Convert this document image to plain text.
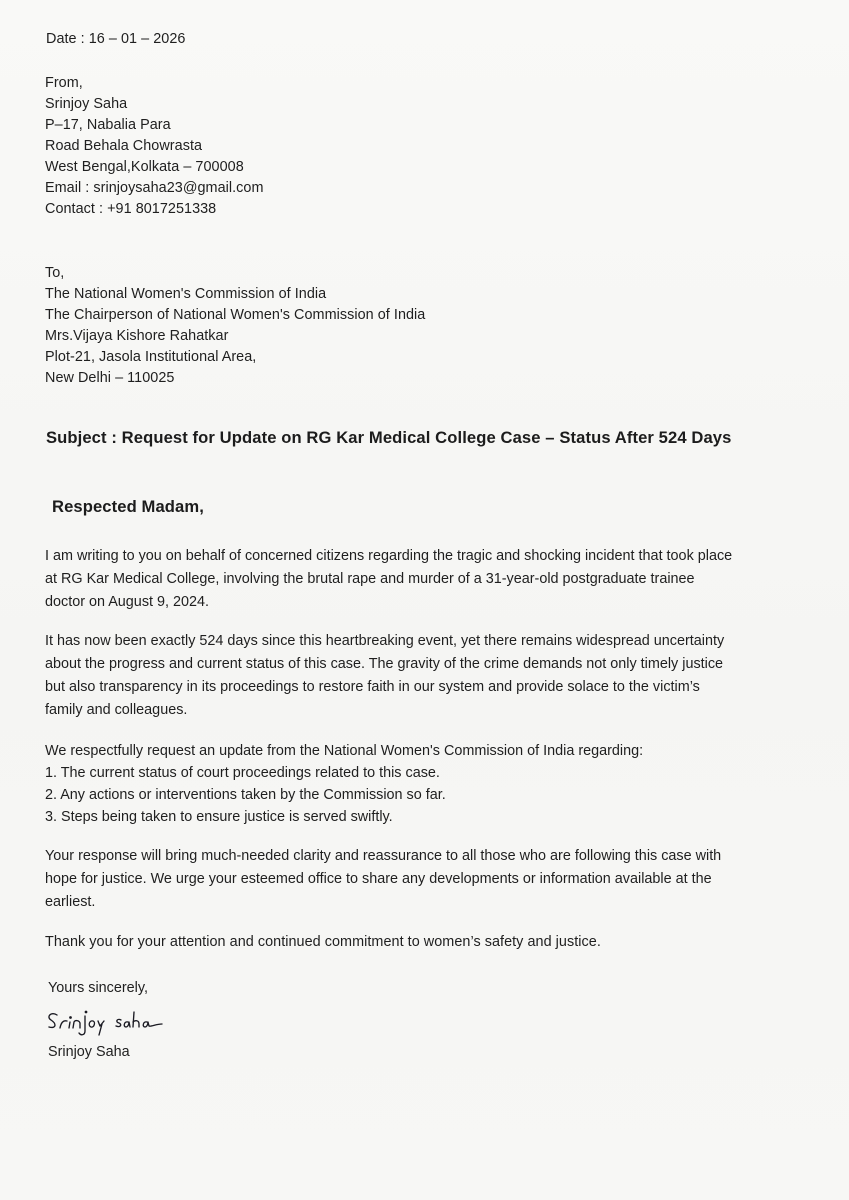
Date : 16 – 01 – 2026
From,
Srinjoy Saha
P–17, Nabalia Para
Road Behala Chowrasta
West Bengal,Kolkata – 700008
Email : srinjoysaha23@gmail.com
Contact : +91 8017251338
To,
The National Women's Commission of India
The Chairperson of National Women's Commission of India
Mrs.Vijaya Kishore Rahatkar
Plot-21, Jasola Institutional Area,
New Delhi – 110025
Subject : Request for Update on RG Kar Medical College Case – Status After 524 Days
Respected Madam,
I am writing to you on behalf of concerned citizens regarding the tragic and shocking incident that took place
at RG Kar Medical College, involving the brutal rape and murder of a 31-year-old postgraduate trainee
doctor on August 9, 2024.
It has now been exactly 524 days since this heartbreaking event, yet there remains widespread uncertainty
about the progress and current status of this case. The gravity of the crime demands not only timely justice
but also transparency in its proceedings to restore faith in our system and provide solace to the victim’s
family and colleagues.
We respectfully request an update from the National Women's Commission of India regarding:
1. The current status of court proceedings related to this case.
2. Any actions or interventions taken by the Commission so far.
3. Steps being taken to ensure justice is served swiftly.
Your response will bring much-needed clarity and reassurance to all those who are following this case with
hope for justice. We urge your esteemed office to share any developments or information available at the
earliest.
Thank you for your attention and continued commitment to women’s safety and justice.
Yours sincerely,
Srinjoy Saha
